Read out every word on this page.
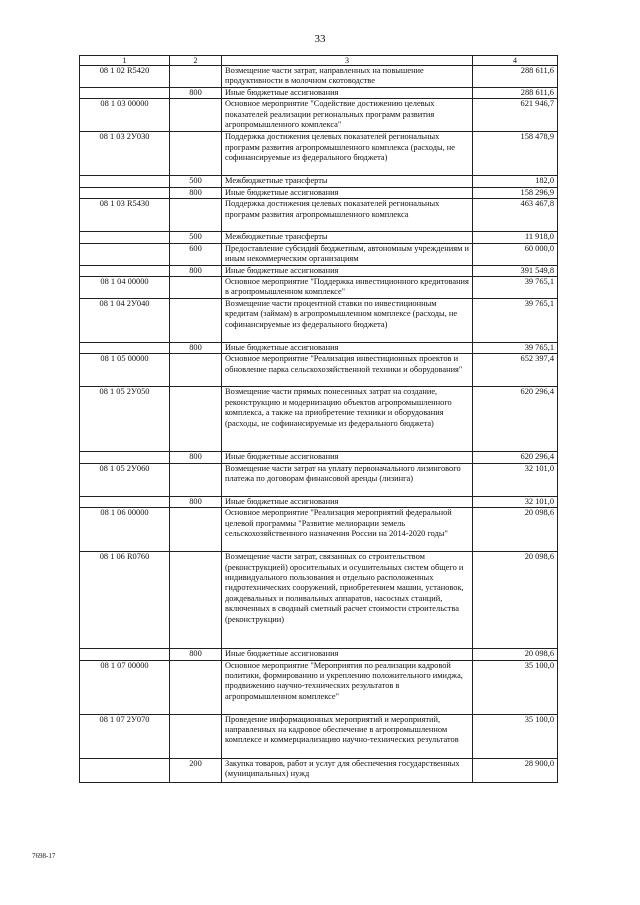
33
1	2	3	4
08 1 02 R5420		Возмещение части затрат, направленных на повышение продуктивности в молочном скотоводстве	288 611,6
	800	Иные бюджетные ассигнования	288 611,6
08 1 03 00000		Основное мероприятие "Содействие достижению целевых показателей реализации региональных программ развития агропромышленного комплекса"	621 946,7
08 1 03 2У030		Поддержка достижения целевых показателей региональных программ развития агропромышленного комплекса (расходы, не софинансируемые из федерального бюджета)	158 478,9
	500	Межбюджетные трансферты	182,0
	800	Иные бюджетные ассигнования	158 296,9
08 1 03 R5430		Поддержка достижения целевых показателей региональных программ развития агропромышленного комплекса	463 467,8
	500	Межбюджетные трансферты	11 918,0
	600	Предоставление субсидий бюджетным, автономным учреждениям и иным некоммерческим организациям	60 000,0
	800	Иные бюджетные ассигнования	391 549,8
08 1 04 00000		Основное мероприятие "Поддержка инвестиционного кредитования в агропромышленном комплексе"	39 765,1
08 1 04 2У040		Возмещение части процентной ставки по инвестиционным кредитам (займам) в агропромышленном комплексе (расходы, не софинансируемые из федерального бюджета)	39 765,1
	800	Иные бюджетные ассигнования	39 765,1
08 1 05 00000		Основное мероприятие "Реализация инвестиционных проектов и обновление парка сельскохозяйственной техники и оборудования"	652 397,4
08 1 05 2У050		Возмещение части прямых понесенных затрат на создание, реконструкцию и модернизацию объектов агропромышленного комплекса, а также на приобретение техники и оборудования (расходы, не софинансируемые из федерального бюджета)	620 296,4
	800	Иные бюджетные ассигнования	620 296,4
08 1 05 2У060		Возмещение части затрат на уплату первоначального лизингового платежа по договорам финансовой аренды (лизинга)	32 101,0
	800	Иные бюджетные ассигнования	32 101,0
08 1 06 00000		Основное мероприятие "Реализация мероприятий федеральной целевой программы "Развитие мелиорации земель сельскохозяйственного назначения России на 2014-2020 годы"	20 098,6
08 1 06 R0760		Возмещение части затрат, связанных со строительством (реконструкцией) оросительных и осушительных систем общего и индивидуального пользования и отдельно расположенных гидротехнических сооружений, приобретением машин, установок, дождевальных и поливальных аппаратов, насосных станций, включенных в сводный сметный расчет стоимости строительства (реконструкции)	20 098,6
	800	Иные бюджетные ассигнования	20 098,6
08 1 07 00000		Основное мероприятие "Мероприятия по реализации кадровой политики, формированию и укреплению положительного имиджа, продвижению научно-технических результатов в агропромышленном комплексе"	35 100,0
08 1 07 2У070		Проведение информационных мероприятий и мероприятий, направленных на кадровое обеспечение в агропромышленном комплексе и коммерциализацию научно-технических результатов	35 100,0
	200	Закупка товаров, работ и услуг для обеспечения государственных (муниципальных) нужд	28 900,0
7698-17
